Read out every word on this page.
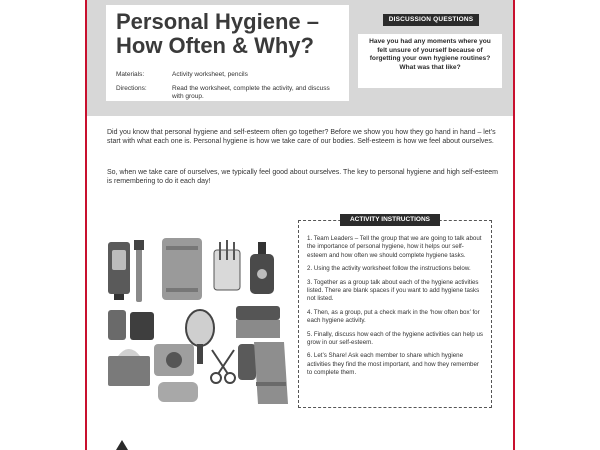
Personal Hygiene –
How Often & Why?
Materials:	Activity worksheet, pencils
Directions:	Read the worksheet, complete the activity, and discuss with group.
DISCUSSION QUESTIONS
Have you had any moments where you felt unsure of yourself because of forgetting your own hygiene routines? What was that like?
Did you know that personal hygiene and self-esteem often go together? Before we show you how they go hand in hand – let’s start with what each one is. Personal hygiene is how we take care of our bodies. Self-esteem is how we feel about ourselves.
So, when we take care of ourselves, we typically feel good about ourselves. The key to personal hygiene and high self-esteem is remembering to do it each day!
1. Team Leaders – Tell the group that we are going to talk about the importance of personal hygiene, how it helps our self-esteem and how often we should complete hygiene tasks.
2. Using the activity worksheet follow the instructions below.
3. Together as a group talk about each of the hygiene activities listed. There are blank spaces if you want to add hygiene tasks not listed.
4. Then, as a group, put a check mark in the ‘how often box’ for each hygiene activity.
5. Finally, discuss how each of the hygiene activities can help us grow in our self-esteem.
6. Let’s Share! Ask each member to share which hygiene activities they find the most important, and how they remember to complete them.
ACTIVITY INSTRUCTIONS
